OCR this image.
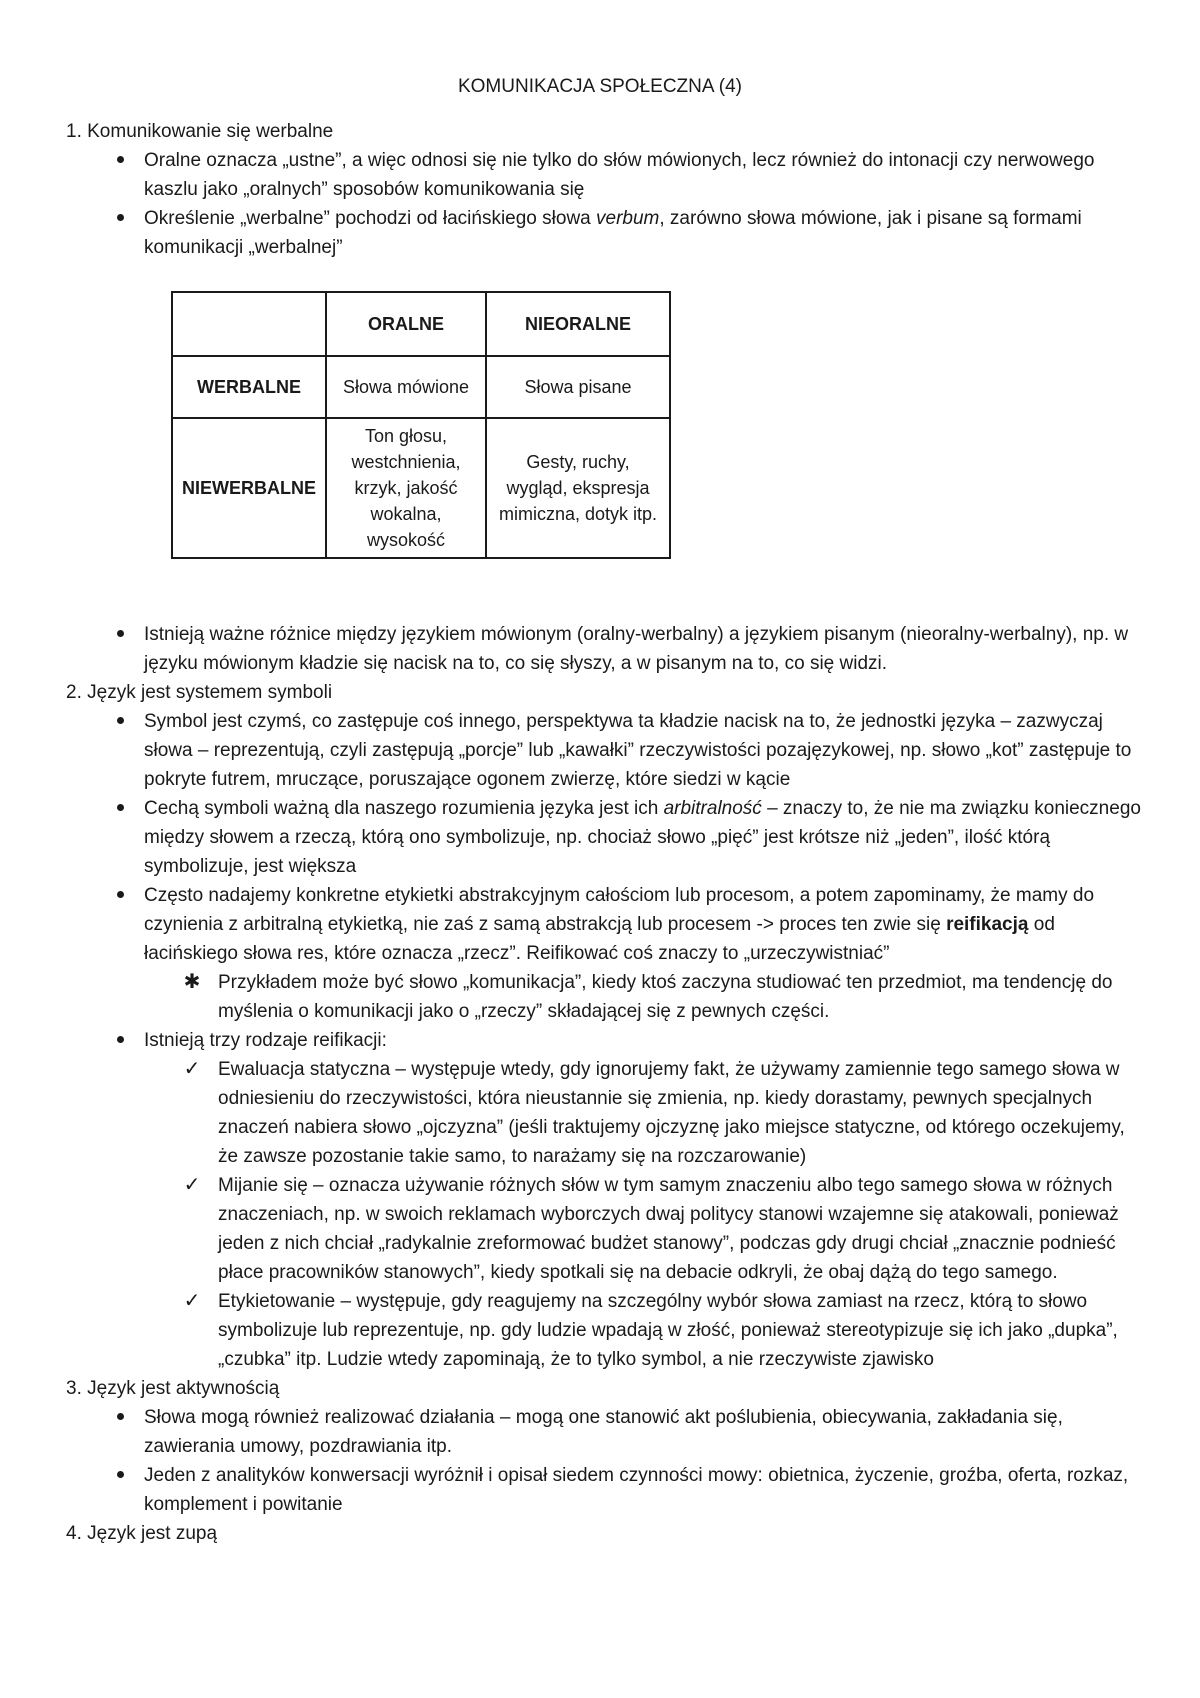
KOMUNIKACJA SPOŁECZNA (4)

1. Komunikowanie się werbalne

Oralne oznacza „ustne”, a więc odnosi się nie tylko do słów mówionych, lecz również do intonacji czy nerwowego kaszlu jako „oralnych” sposobów komunikowania się

Określenie „werbalne” pochodzi od łacińskiego słowa verbum, zarówno słowa mówione, jak i pisane są formami komunikacji „werbalnej”

	ORALNE	NIEORALNE
WERBALNE	Słowa mówione	Słowa pisane
NIEWERBALNE	Ton głosu, westchnienia, krzyk, jakość wokalna, wysokość	Gesty, ruchy, wygląd, ekspresja mimiczna, dotyk itp.

Istnieją ważne różnice między językiem mówionym (oralny-werbalny) a językiem pisanym (nieoralny-werbalny), np. w języku mówionym kładzie się nacisk na to, co się słyszy, a w pisanym na to, co się widzi.

2. Język jest systemem symboli

Symbol jest czymś, co zastępuje coś innego, perspektywa ta kładzie nacisk na to, że jednostki języka – zazwyczaj słowa – reprezentują, czyli zastępują „porcje” lub „kawałki” rzeczywistości pozajęzykowej, np. słowo „kot” zastępuje to pokryte futrem, mruczące, poruszające ogonem zwierzę, które siedzi w kącie

Cechą symboli ważną dla naszego rozumienia języka jest ich arbitralność – znaczy to, że nie ma związku koniecznego między słowem a rzeczą, którą ono symbolizuje, np. chociaż słowo „pięć” jest krótsze niż „jeden”, ilość którą symbolizuje, jest większa

Często nadajemy konkretne etykietki abstrakcyjnym całościom lub procesom, a potem zapominamy, że mamy do czynienia z arbitralną etykietką, nie zaś z samą abstrakcją lub procesem -> proces ten zwie się reifikacją od łacińskiego słowa res, które oznacza „rzecz”. Reifikować coś znaczy to „urzeczywistniać”

✱ Przykładem może być słowo „komunikacja”, kiedy ktoś zaczyna studiować ten przedmiot, ma tendencję do myślenia o komunikacji jako o „rzeczy” składającej się z pewnych części.

Istnieją trzy rodzaje reifikacji:

✓ Ewaluacja statyczna – występuje wtedy, gdy ignorujemy fakt, że używamy zamiennie tego samego słowa w odniesieniu do rzeczywistości, która nieustannie się zmienia, np. kiedy dorastamy, pewnych specjalnych znaczeń nabiera słowo „ojczyzna” (jeśli traktujemy ojczyznę jako miejsce statyczne, od którego oczekujemy, że zawsze pozostanie takie samo, to narażamy się na rozczarowanie)

✓ Mijanie się – oznacza używanie różnych słów w tym samym znaczeniu albo tego samego słowa w różnych znaczeniach, np. w swoich reklamach wyborczych dwaj politycy stanowi wzajemne się atakowali, ponieważ jeden z nich chciał „radykalnie zreformować budżet stanowy”, podczas gdy drugi chciał „znacznie podnieść płace pracowników stanowych”, kiedy spotkali się na debacie odkryli, że obaj dążą do tego samego.

✓ Etykietowanie – występuje, gdy reagujemy na szczególny wybór słowa zamiast na rzecz, którą to słowo symbolizuje lub reprezentuje, np. gdy ludzie wpadają w złość, ponieważ stereotypizuje się ich jako „dupka”, „czubka” itp. Ludzie wtedy zapominają, że to tylko symbol, a nie rzeczywiste zjawisko

3. Język jest aktywnością

Słowa mogą również realizować działania – mogą one stanowić akt poślubienia, obiecywania, zakładania się, zawierania umowy, pozdrawiania itp.

Jeden z analityków konwersacji wyróżnił i opisał siedem czynności mowy: obietnica, życzenie, groźba, oferta, rozkaz, komplement i powitanie

4. Język jest zupą
